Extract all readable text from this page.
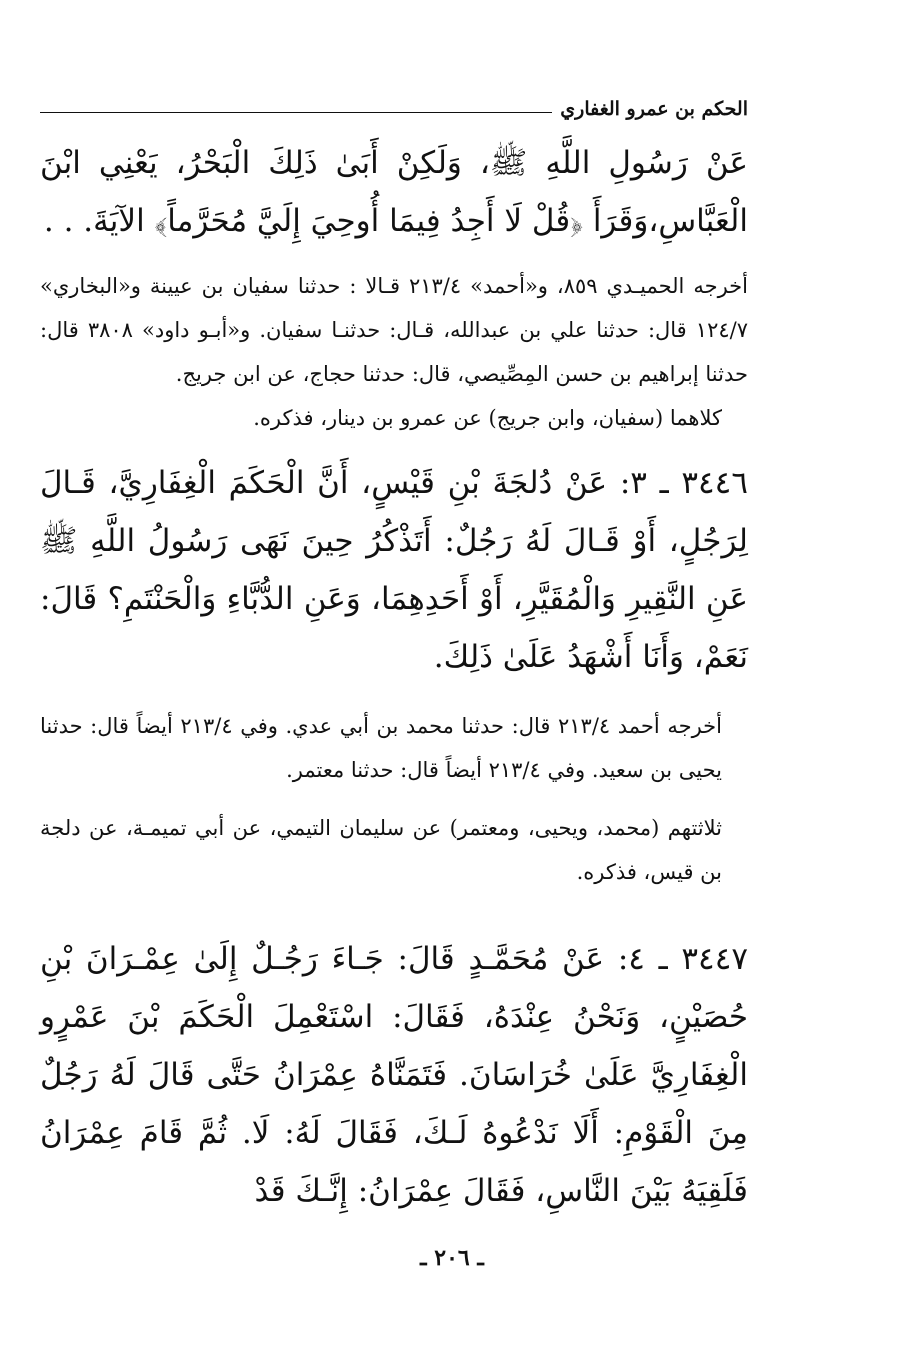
الحكم بن عمرو الغفاري

عَنْ رَسُولِ اللَّهِ ﷺ، وَلَكِنْ أَبَىٰ ذَلِكَ الْبَحْرُ، يَعْنِي ابْنَ الْعَبَّاسِ،وَقَرَأَ ﴿قُلْ لَا أَجِدُ فِيمَا أُوحِيَ إِلَيَّ مُحَرَّماً﴾ الآيَةَ. . .

أخرجه الحميـدي ٨٥٩، و«أحمد» ٢١٣/٤ قـالا : حدثنا سفيان بن عيينة و«البخاري» ١٢٤/٧ قال: حدثنا علي بن عبدالله، قـال: حدثنـا سفيان. و«أبـو داود» ٣٨٠٨ قال: حدثنا إبراهيم بن حسن المِصِّيصي، قال: حدثنا حجاج، عن ابن جريج.

كلاهما (سفيان، وابن جريج) عن عمرو بن دينار، فذكره.

٣٤٤٦ ـ ٣: عَنْ دُلجَةَ بْنِ قَيْسٍ، أَنَّ الْحَكَمَ الْغِفَارِيَّ، قَـالَ لِرَجُلٍ، أَوْ قَـالَ لَهُ رَجُلٌ: أَتَذْكُرُ حِينَ نَهَى رَسُولُ اللَّهِ ﷺ عَنِ النَّقِيرِ وَالْمُقَيَّرِ، أَوْ أَحَدِهِمَا، وَعَنِ الدُّبَّاءِ وَالْحَنْتَمِ؟ قَالَ: نَعَمْ، وَأَنَا أَشْهَدُ عَلَىٰ ذَلِكَ.

أخرجه أحمد ٢١٣/٤ قال: حدثنا محمد بن أبي عدي. وفي ٢١٣/٤ أيضاً قال: حدثنا يحيى بن سعيد. وفي ٢١٣/٤ أيضاً قال: حدثنا معتمر.

ثلاثتهم (محمد، ويحيى، ومعتمر) عن سليمان التيمي، عن أبي تميمـة، عن دلجة بن قيس، فذكره.

٣٤٤٧ ـ ٤: عَنْ مُحَمَّـدٍ قَالَ: جَـاءَ رَجُـلٌ إِلَىٰ عِمْـرَانَ بْنِ حُصَيْنٍ، وَنَحْنُ عِنْدَهُ، فَقَالَ: اسْتَعْمِلَ الْحَكَمَ بْنَ عَمْرٍو الْغِفَارِيَّ عَلَىٰ خُرَاسَانَ. فَتَمَنَّاهُ عِمْرَانُ حَتَّى قَالَ لَهُ رَجُلٌ مِنَ الْقَوْمِ: أَلَا نَدْعُوهُ لَـكَ، فَقَالَ لَهُ: لَا. ثُمَّ قَامَ عِمْرَانُ فَلَقِيَهُ بَيْنَ النَّاسِ، فَقَالَ عِمْرَانُ: إِنَّـكَ قَدْ

ـ ٢٠٦ ـ
